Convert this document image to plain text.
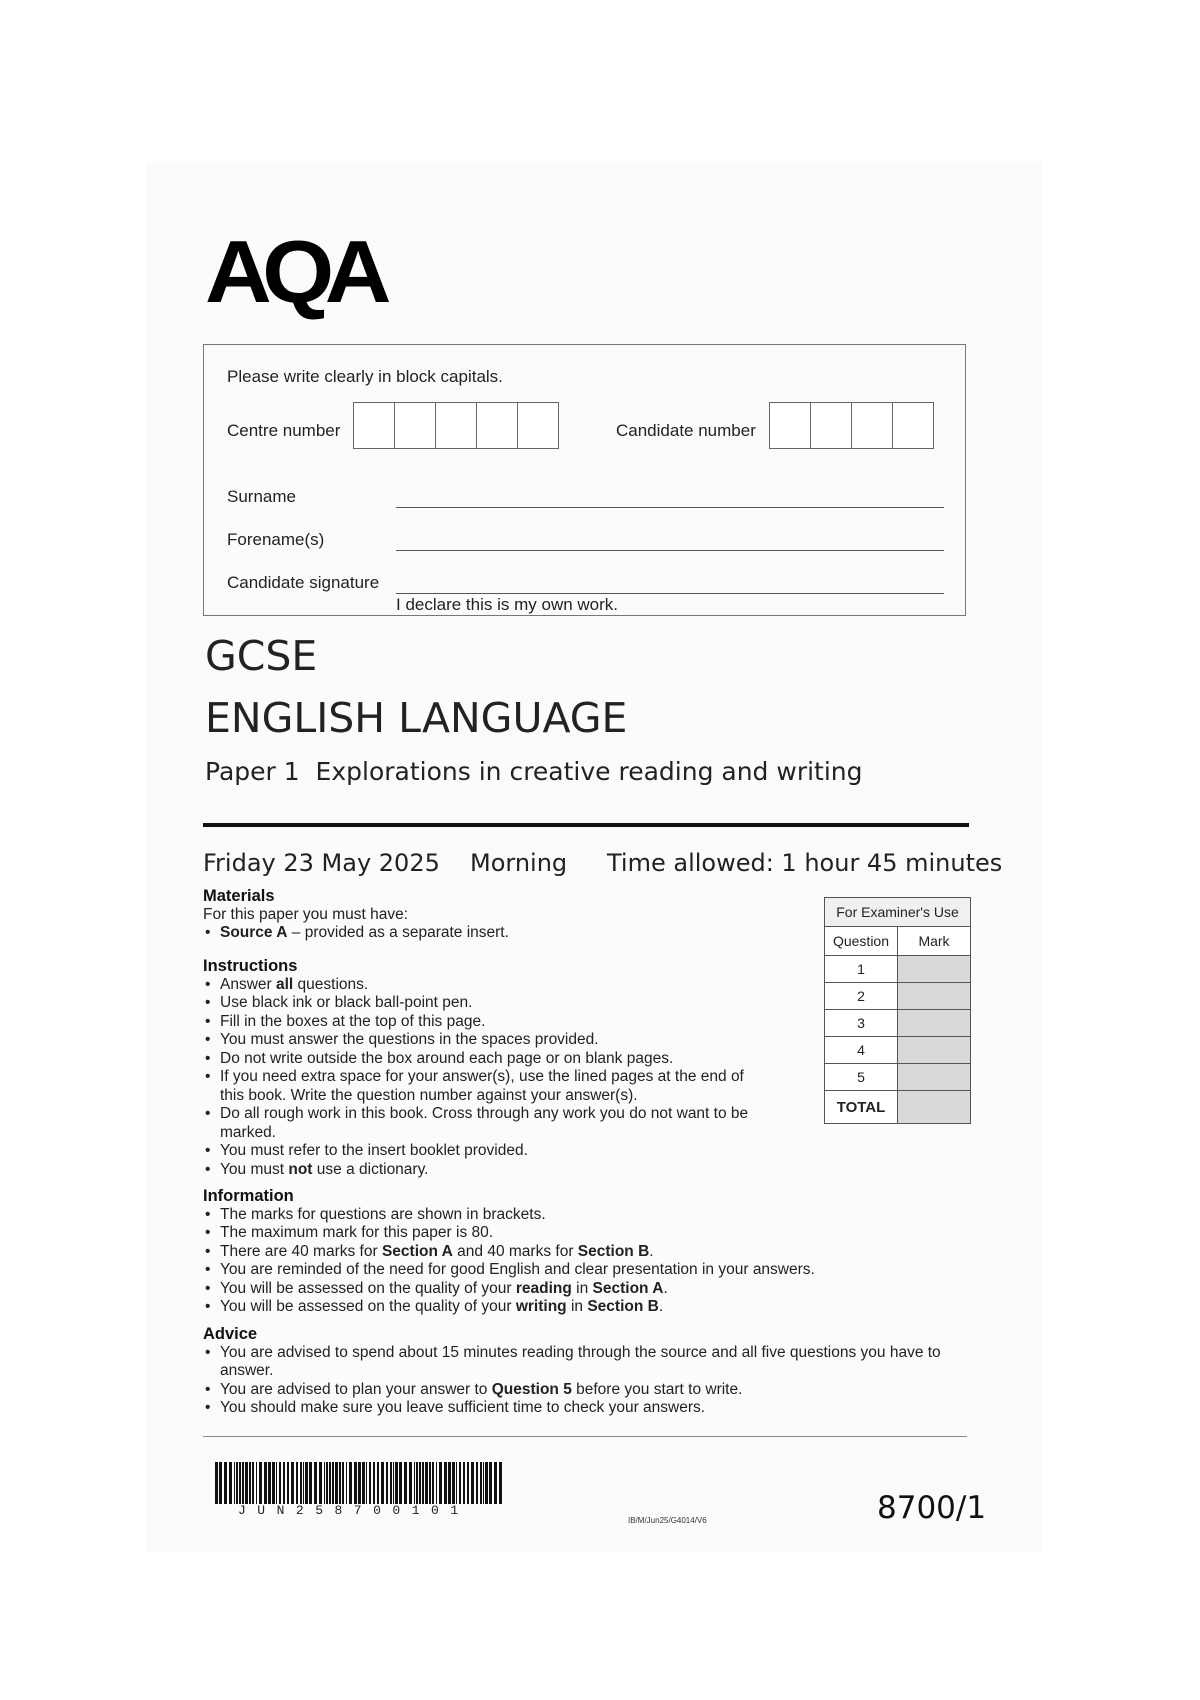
AQA
Please write clearly in block capitals.
Centre number	Candidate number
Surname
Forename(s)
Candidate signature
I declare this is my own work.
GCSE
ENGLISH LANGUAGE
Paper 1  Explorations in creative reading and writing
Friday 23 May 2025 Morning Time allowed: 1 hour 45 minutes
Materials
For this paper you must have:
• Source A – provided as a separate insert.
Instructions
• Answer all questions.
• Use black ink or black ball-point pen.
• Fill in the boxes at the top of this page.
• You must answer the questions in the spaces provided.
• Do not write outside the box around each page or on blank pages.
• If you need extra space for your answer(s), use the lined pages at the end of this book. Write the question number against your answer(s).
• Do all rough work in this book. Cross through any work you do not want to be marked.
• You must refer to the insert booklet provided.
• You must not use a dictionary.
Information
• The marks for questions are shown in brackets.
• The maximum mark for this paper is 80.
• There are 40 marks for Section A and 40 marks for Section B.
• You are reminded of the need for good English and clear presentation in your answers.
• You will be assessed on the quality of your reading in Section A.
• You will be assessed on the quality of your writing in Section B.
Advice
• You are advised to spend about 15 minutes reading through the source and all five questions you have to answer.
• You are advised to plan your answer to Question 5 before you start to write.
• You should make sure you leave sufficient time to check your answers.
For Examiner's Use	
Question	Mark
1	
2	
3	
4	
5	
TOTAL	
JUN258700101
IB/M/Jun25/G4014/V6	8700/1
